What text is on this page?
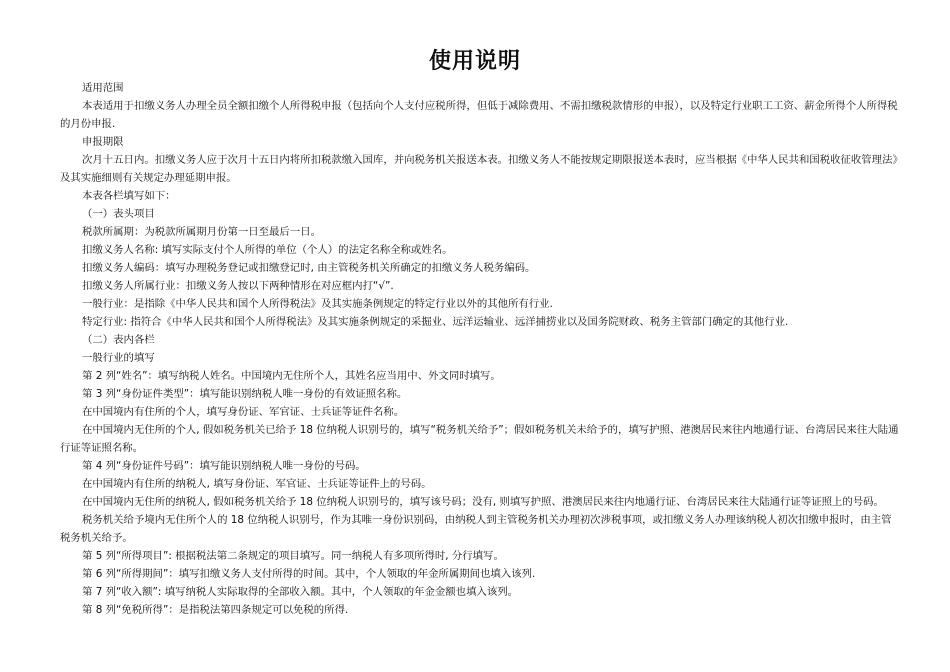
使用说明

适用范围

本表适用于扣缴义务人办理全员全额扣缴个人所得税申报（包括向个人支付应税所得，但低于减除费用、不需扣缴税款情形的申报），以及特定行业职工工资、薪金所得个人所得税的月份申报.

申报期限

次月十五日内。扣缴义务人应于次月十五日内将所扣税款缴入国库，并向税务机关报送本表。扣缴义务人不能按规定期限报送本表时，应当根据《中华人民共和国税收征收管理法》及其实施细则有关规定办理延期申报。

本表各栏填写如下：

（一）表头项目

税款所属期：为税款所属期月份第一日至最后一日。

扣缴义务人名称: 填写实际支付个人所得的单位（个人）的法定名称全称或姓名。

扣缴义务人编码：填写办理税务登记或扣缴登记时, 由主管税务机关所确定的扣缴义务人税务编码。

扣缴义务人所属行业：扣缴义务人按以下两种情形在对应框内打“√”.

一般行业：是指除《中华人民共和国个人所得税法》及其实施条例规定的特定行业以外的其他所有行业.

特定行业: 指符合《中华人民共和国个人所得税法》及其实施条例规定的采掘业、远洋运输业、远洋捕捞业以及国务院财政、税务主管部门确定的其他行业.

（二）表内各栏

一般行业的填写

第 2 列“姓名”：填写纳税人姓名。中国境内无住所个人，其姓名应当用中、外文同时填写。

第 3 列“身份证件类型”：填写能识别纳税人唯一身份的有效证照名称。

在中国境内有住所的个人，填写身份证、军官证、士兵证等证件名称。

在中国境内无住所的个人, 假如税务机关已给予 18 位纳税人识别号的，填写“税务机关给予”；假如税务机关未给予的，填写护照、港澳居民来往内地通行证、台湾居民来往大陆通行证等证照名称。

第 4 列“身份证件号码”：填写能识别纳税人唯一身份的号码。

在中国境内有住所的纳税人, 填写身份证、军官证、士兵证等证件上的号码。

在中国境内无住所的纳税人, 假如税务机关给予 18 位纳税人识别号的，填写该号码；没有, 则填写护照、港澳居民来往内地通行证、台湾居民来往大陆通行证等证照上的号码。

税务机关给予境内无住所个人的 18 位纳税人识别号，作为其唯一身份识别码，由纳税人到主管税务机关办理初次涉税事项，或扣缴义务人办理该纳税人初次扣缴申报时，由主管税务机关给予。

第 5 列“所得项目”: 根据税法第二条规定的项目填写。同一纳税人有多项所得时, 分行填写。

第 6 列“所得期间”：填写扣缴义务人支付所得的时间。其中，个人领取的年金所属期间也填入该列.

第 7 列“收入额”: 填写纳税人实际取得的全部收入额。其中，个人领取的年金金额也填入该列。

第 8 列“免税所得”：是指税法第四条规定可以免税的所得.
